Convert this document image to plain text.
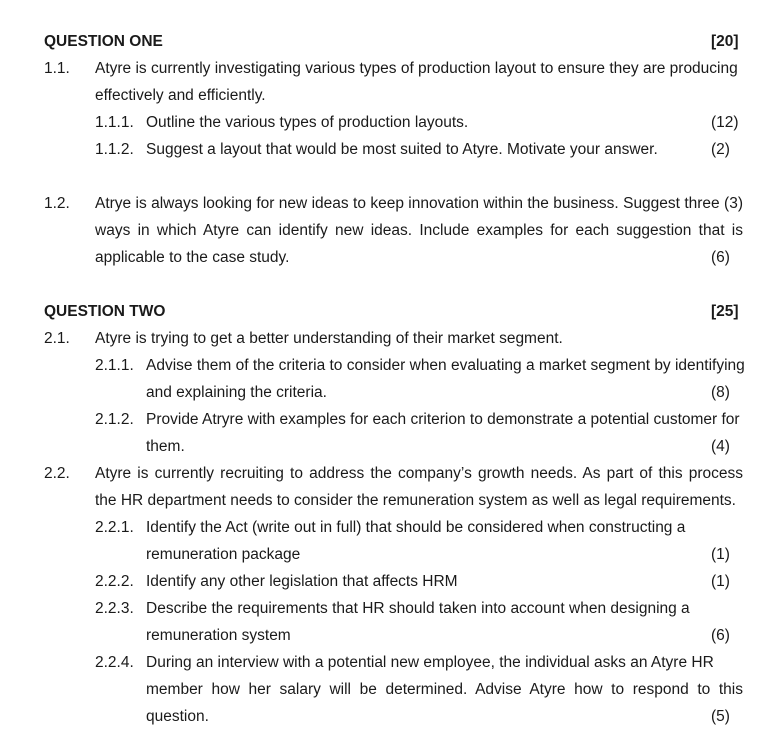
QUESTION ONE	[20]
1.1. Atyre is currently investigating various types of production layout to ensure they are producing
effectively and efficiently.
1.1.1. Outline the various types of production layouts.	(12)
1.1.2. Suggest a layout that would be most suited to Atyre. Motivate your answer.	(2)
1.2. Atrye is always looking for new ideas to keep innovation within the business. Suggest three (3)
ways in which Atyre can identify new ideas. Include examples for each suggestion that is
applicable to the case study.	(6)
QUESTION TWO	[25]
2.1. Atyre is trying to get a better understanding of their market segment.
2.1.1. Advise them of the criteria to consider when evaluating a market segment by identifying
and explaining the criteria.	(8)
2.1.2. Provide Atryre with examples for each criterion to demonstrate a potential customer for
them.	(4)
2.2. Atyre is currently recruiting to address the company’s growth needs. As part of this process
the HR department needs to consider the remuneration system as well as legal requirements.
2.2.1. Identify the Act (write out in full) that should be considered when constructing a
remuneration package	(1)
2.2.2. Identify any other legislation that affects HRM	(1)
2.2.3. Describe the requirements that HR should taken into account when designing a
remuneration system	(6)
2.2.4. During an interview with a potential new employee, the individual asks an Atyre HR
member how her salary will be determined. Advise Atyre how to respond to this
question.	(5)
